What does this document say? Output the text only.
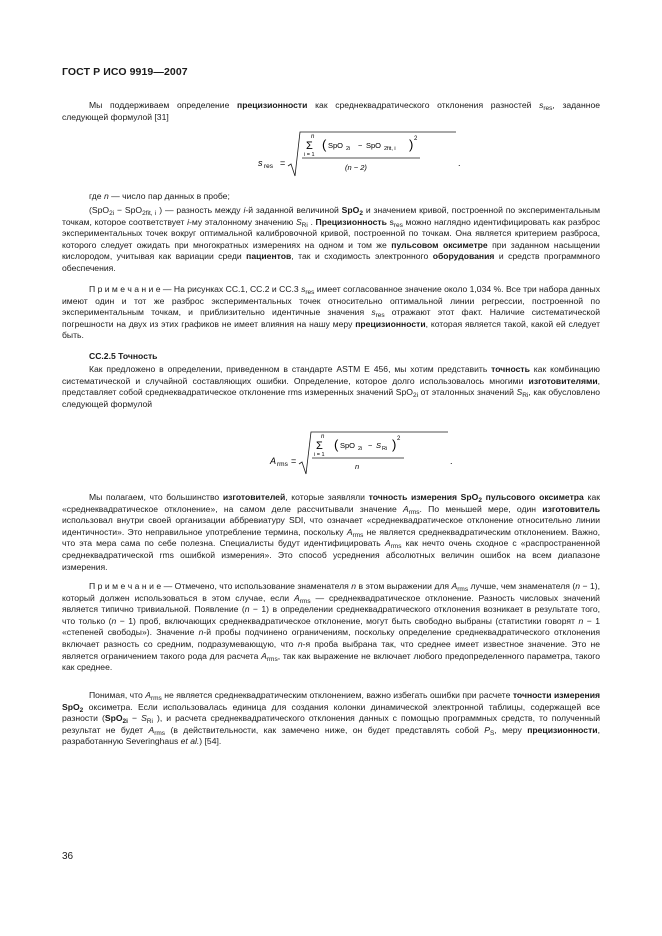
ГОСТ Р ИСО 9919—2007

Мы поддерживаем определение прецизионности как среднеквадратического отклонения разностей $s_{res}$, заданное следующей формулой [31]

s res =
n
Σ
i = 1
( SpO 2i − SpO 2fit, i ) 2
(n − 2)	.

где n — число пар данных в пробе;

(SpO$_{2i}$ − SpO$_{2fit, i}$ ) — разность между i-й заданной величиной SpO$_2$ и значением кривой, построенной по экспериментальным точкам, которое соответствует i-му эталонному значению $S_{Ri}$ . Прецизионность $s_{res}$ можно наглядно идентифицировать как разброс экспериментальных точек вокруг оптимальной калибровочной кривой, построенной по точкам. Она является критерием разброса, которого следует ожидать при многократных измерениях на одном и том же пульсовом оксиметре при заданном насыщении кислородом, учитывая как вариации среди пациентов, так и сходимость электронного оборудования и средств программного обеспечения.

П р и м е ч а н и е — На рисунках СС.1, СС.2 и СС.3 $s_{res}$ имеет согласованное значение около 1,034 %. Все три набора данных имеют один и тот же разброс экспериментальных точек относительно оптимальной линии регрессии, построенной по экспериментальным точкам, и приблизительно идентичные значения $s_{res}$ отражают этот факт. Наличие систематической погрешности на двух из этих графиков не имеет влияния на нашу меру прецизионности, которая является такой, какой ей следует быть.

СС.2.5 Точность

Как предложено в определении, приведенном в стандарте ASTM E 456, мы хотим представить точность как комбинацию систематической и случайной составляющих ошибки. Определение, которое долго использовалось многими изготовителями, представляет собой среднеквадратическое отклонение rms измеренных значений SpO$_{2i}$ от эталонных значений $S_{Ri}$, как обусловлено следующей формулой

A rms =
n
Σ
i = 1
( SpO 2i − S Ri ) 2
n
.

Мы полагаем, что большинство изготовителей, которые заявляли точность измерения SpO$_2$ пульсового оксиметра как «среднеквадратическое отклонение», на самом деле рассчитывали значение $A_{rms}$. По меньшей мере, один изготовитель использовал внутри своей организации аббревиатуру SDI, что означает «среднеквадратическое отклонение относительно линии идентичности». Это неправильное употребление термина, поскольку $A_{rms}$ не является среднеквадратическим отклонением. Важно, что эта мера сама по себе полезна. Специалисты будут идентифицировать $A_{rms}$ как нечто очень сходное с «распространенной среднеквадратической rms ошибкой измерения». Это способ усреднения абсолютных величин ошибок на всем диапазоне измерения.

П р и м е ч а н и е — Отмечено, что использование знаменателя n в этом выражении для $A_{rms}$ лучше, чем знаменателя (n − 1), который должен использоваться в этом случае, если $A_{rms}$ — среднеквадратическое отклонение. Разность числовых значений является типично тривиальной. Появление (n − 1) в определении среднеквадратического отклонения возникает в результате того, что только (n − 1) проб, включающих среднеквадратическое отклонение, могут быть свободно выбраны (статистики говорят n − 1 «степеней свободы»). Значение n-й пробы подчинено ограничениям, поскольку определение среднеквадратического отклонения включает разность со средним, подразумевающую, что n-я проба выбрана так, что среднее имеет известное значение. Это не является ограничением такого рода для расчета $A_{rms}$, так как выражение не включает любого предопределенного параметра, такого как среднее.

Понимая, что $A_{rms}$ не является среднеквадратическим отклонением, важно избегать ошибки при расчете точности измерения SpO$_2$ оксиметра. Если использовалась единица для создания колонки динамической электронной таблицы, содержащей все разности ($SpO_{2i} - S_{Ri}$ ), и расчета среднеквадратического отклонения данных с помощью программных средств, то полученный результат не будет $A_{rms}$ (в действительности, как замечено ниже, он будет представлять собой $P_S$, меру прецизионности, разработанную Severinghaus et al.) [54].

36
